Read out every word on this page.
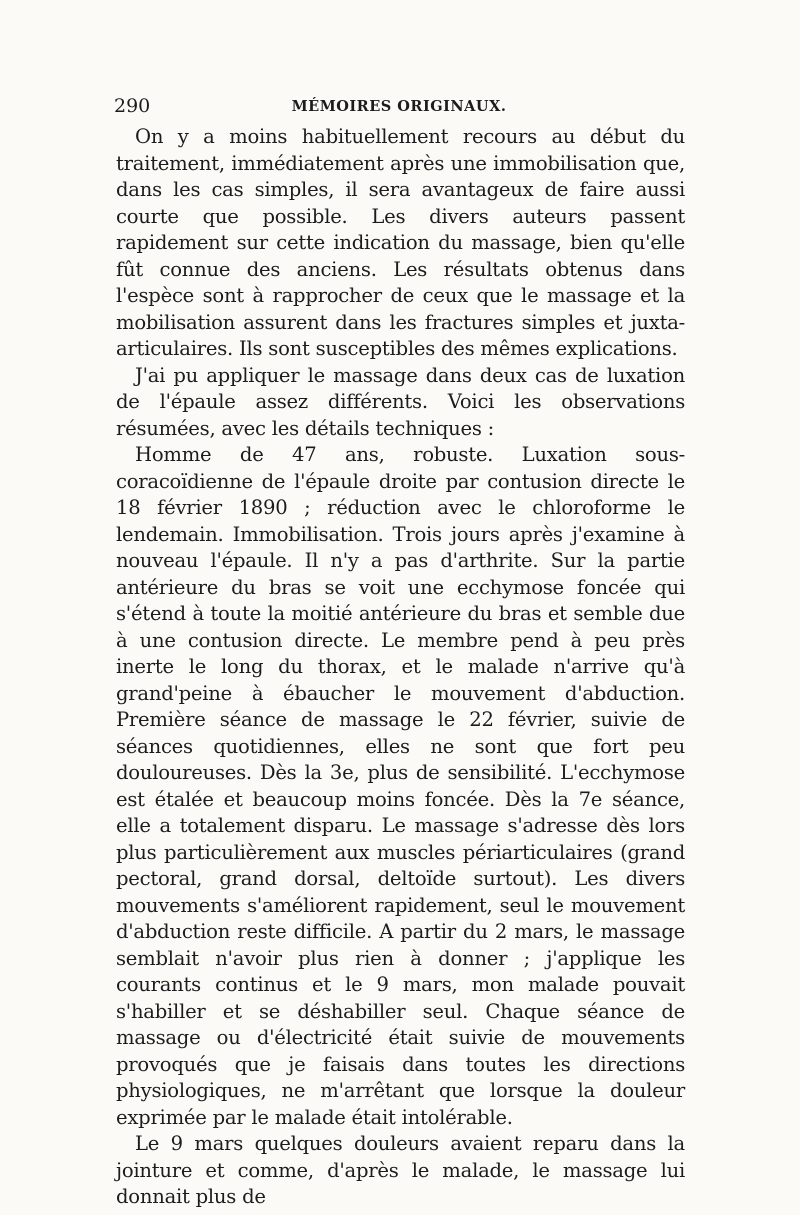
290	MÉMOIRES ORIGINAUX.

On y a moins habituellement recours au début du traitement, immédiatement après une immobilisation que, dans les cas simples, il sera avantageux de faire aussi courte que possible. Les divers auteurs passent rapidement sur cette indication du massage, bien qu'elle fût connue des anciens. Les résultats obtenus dans l'espèce sont à rapprocher de ceux que le massage et la mobilisation assurent dans les fractures simples et juxta-articulaires. Ils sont susceptibles des mêmes explications.

J'ai pu appliquer le massage dans deux cas de luxation de l'épaule assez différents. Voici les observations résumées, avec les détails techniques :

Homme de 47 ans, robuste. Luxation sous-coracoïdienne de l'épaule droite par contusion directe le 18 février 1890 ; réduction avec le chloroforme le lendemain. Immobilisation. Trois jours après j'examine à nouveau l'épaule. Il n'y a pas d'arthrite. Sur la partie antérieure du bras se voit une ecchymose foncée qui s'étend à toute la moitié antérieure du bras et semble due à une contusion directe. Le membre pend à peu près inerte le long du thorax, et le malade n'arrive qu'à grand'peine à ébaucher le mouvement d'abduction. Première séance de massage le 22 février, suivie de séances quotidiennes, elles ne sont que fort peu douloureuses. Dès la 3e, plus de sensibilité. L'ecchymose est étalée et beaucoup moins foncée. Dès la 7e séance, elle a totalement disparu. Le massage s'adresse dès lors plus particulièrement aux muscles périarticulaires (grand pectoral, grand dorsal, deltoïde surtout). Les divers mouvements s'améliorent rapidement, seul le mouvement d'abduction reste difficile. A partir du 2 mars, le massage semblait n'avoir plus rien à donner ; j'applique les courants continus et le 9 mars, mon malade pouvait s'habiller et se déshabiller seul. Chaque séance de massage ou d'électricité était suivie de mouvements provoqués que je faisais dans toutes les directions physiologiques, ne m'arrêtant que lorsque la douleur exprimée par le malade était intolérable.

Le 9 mars quelques douleurs avaient reparu dans la jointure et comme, d'après le malade, le massage lui donnait plus de
